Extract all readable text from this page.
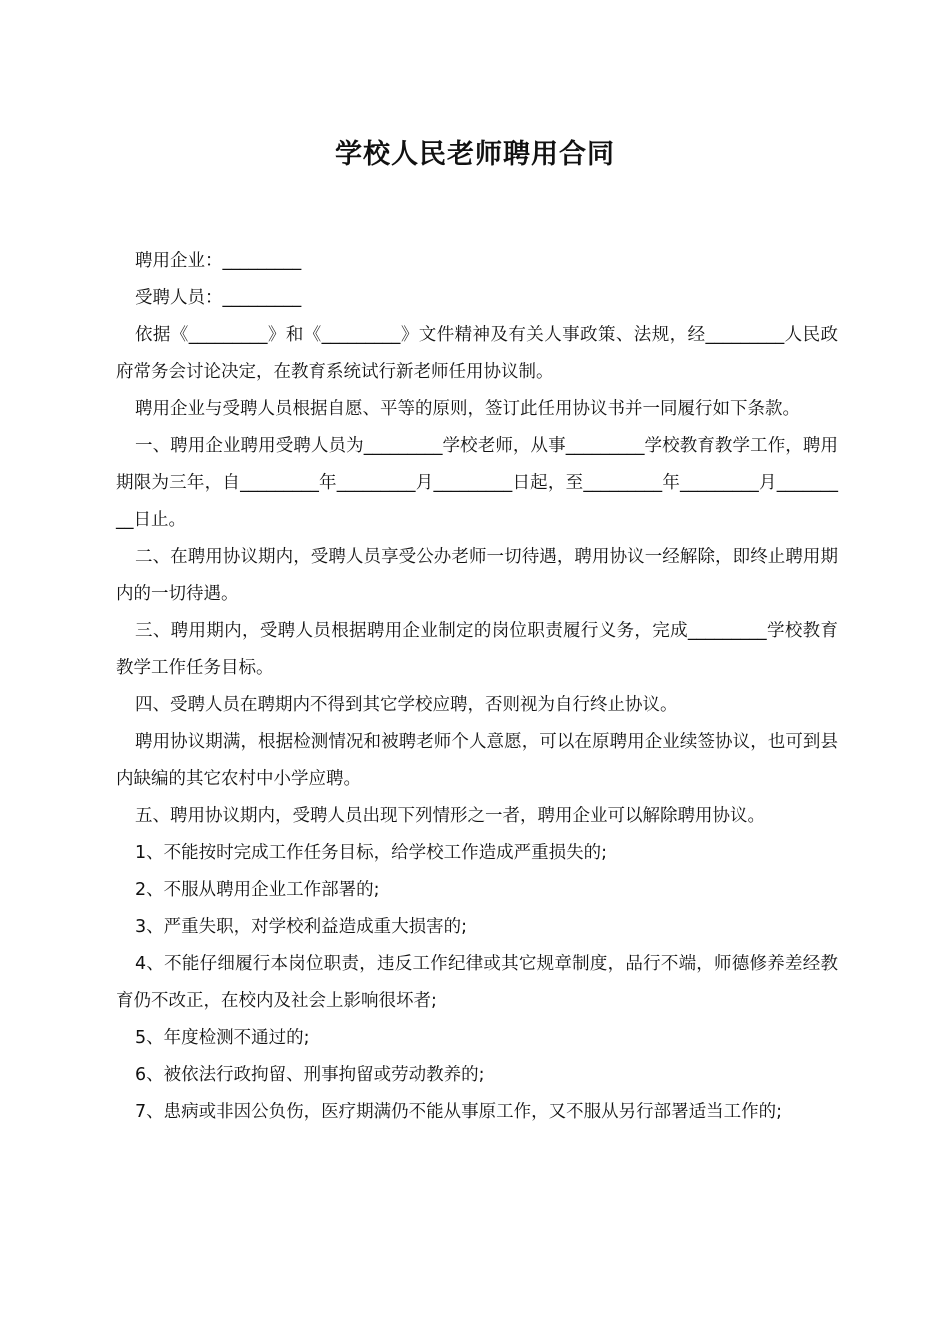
学校人民老师聘用合同

聘用企业：_________

受聘人员：_________

依据《_________》和《_________》文件精神及有关人事政策、法规，经_________人民政府常务会讨论决定，在教育系统试行新老师任用协议制。

聘用企业与受聘人员根据自愿、平等的原则，签订此任用协议书并一同履行如下条款。

一、聘用企业聘用受聘人员为_________学校老师，从事_________学校教育教学工作，聘用期限为三年，自_________年_________月_________日起，至_________年_________月_________日止。

二、在聘用协议期内，受聘人员享受公办老师一切待遇，聘用协议一经解除，即终止聘用期内的一切待遇。

三、聘用期内，受聘人员根据聘用企业制定的岗位职责履行义务，完成_________学校教育教学工作任务目标。

四、受聘人员在聘期内不得到其它学校应聘，否则视为自行终止协议。

聘用协议期满，根据检测情况和被聘老师个人意愿，可以在原聘用企业续签协议，也可到县内缺编的其它农村中小学应聘。

五、聘用协议期内，受聘人员出现下列情形之一者，聘用企业可以解除聘用协议。

1、不能按时完成工作任务目标，给学校工作造成严重损失的;

2、不服从聘用企业工作部署的;

3、严重失职，对学校利益造成重大损害的;

4、不能仔细履行本岗位职责，违反工作纪律或其它规章制度，品行不端，师德修养差经教育仍不改正，在校内及社会上影响很坏者;

5、年度检测不通过的;

6、被依法行政拘留、刑事拘留或劳动教养的;

7、患病或非因公负伤，医疗期满仍不能从事原工作，又不服从另行部署适当工作的;
